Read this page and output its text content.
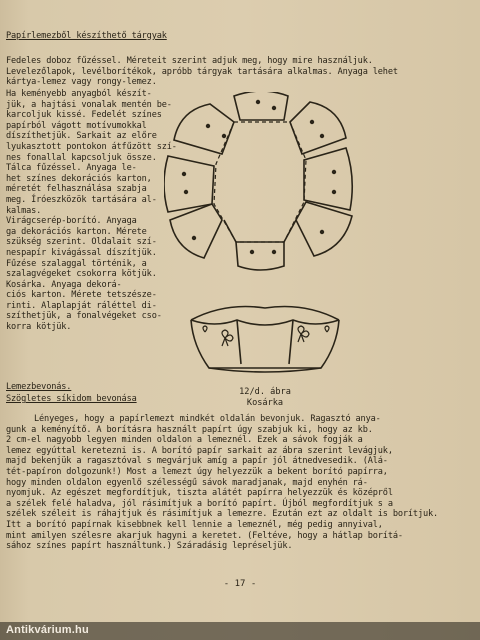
Papírlemezből készíthető tárgyak
Fedeles doboz fűzéssel. Méreteit szerint adjuk meg, hogy mire használjuk.
Levelezőlapok, levélborítékok, apróbb tárgyak tartására alkalmas. Anyaga lehet
kártya-lemez vagy rongy-lemez.
Ha keményebb anyagból készít-
jük, a hajtási vonalak mentén be-
karcoljuk kissé. Fedelét színes
papírból vágott motívumokkal
díszíthetjük. Sarkait az előre
lyukasztott pontokon átfűzött szí-
nes fonallal kapcsoljuk össze.
Tálca fűzéssel. Anyaga le-
het színes dekorációs karton,
méretét felhasználása szabja
meg. Íróeszközök tartására al-
kalmas.
Virágcserép-borító. Anyaga
ga dekorációs karton. Mérete
szükség szerint. Oldalait szí-
nespapír kivágással díszítjük.
Fűzése szalaggal történik, a
szalagvégeket csokorra kötjük.
Kosárka. Anyaga dekorá-
ciós karton. Mérete tetszésze-
rinti. Alaplapját ráléttel di-
szíthetjük, a fonalvégeket cso-
korra kötjük.
12/d. ábra
Kosárka
Lemezbevonás.
Szögletes síkidom bevonása
Lényeges, hogy a papírlemezt mindkét oldalán bevonjuk. Ragasztó anya-
gunk a keményítő. A borításra használt papírt úgy szabjuk ki, hogy az kb.
2 cm-el nagyobb legyen minden oldalon a lemeznél. Ezek a sávok fogják a
lemez egyúttal keretezni is. A borító papír sarkait az ábra szerint levágjuk,
majd bekenjük a ragasztóval s megvárjuk amíg a papír jól átnedvesedik. (Alá-
tét-papíron dolgozunk!) Most a lemezt úgy helyezzük a bekent borító papírra,
hogy minden oldalon egyenlő szélességű sávok maradjanak, majd enyhén rá-
nyomjuk. Az egészet megfordítjuk, tiszta alátét papírra helyezzük és középről
a szélek felé haladva, jól rásimítjuk a borító papírt. Újból megfordítjuk s a
szélek széleit is ráhajtjuk és rásimítjuk a lemezre. Ezután ezt az oldalt is borítjuk.
Itt a borító papírnak kisebbnek kell lennie a lemeznél, még pedig annyival,
mint amilyen szélesre akarjuk hagyni a keretet. (Feltéve, hogy a hátlap borítá-
sához színes papírt használtunk.) Száradásig lepréseljük.
- 17 -
Antikvárium.hu
